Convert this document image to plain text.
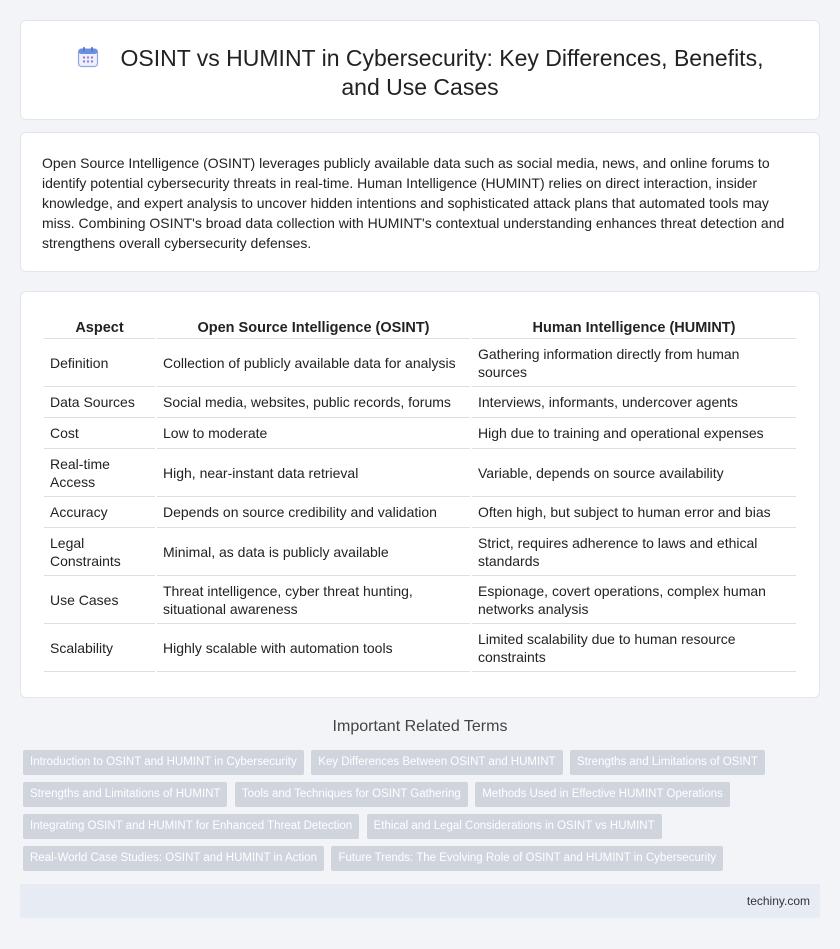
OSINT vs HUMINT in Cybersecurity: Key Differences, Benefits, and Use Cases

Open Source Intelligence (OSINT) leverages publicly available data such as social media, news, and online forums to identify potential cybersecurity threats in real-time. Human Intelligence (HUMINT) relies on direct interaction, insider knowledge, and expert analysis to uncover hidden intentions and sophisticated attack plans that automated tools may miss. Combining OSINT's broad data collection with HUMINT's contextual understanding enhances threat detection and strengthens overall cybersecurity defenses.

Aspect	Open Source Intelligence (OSINT)	Human Intelligence (HUMINT)
Definition	Collection of publicly available data for analysis	Gathering information directly from human sources
Data Sources	Social media, websites, public records, forums	Interviews, informants, undercover agents
Cost	Low to moderate	High due to training and operational expenses
Real-time Access	High, near-instant data retrieval	Variable, depends on source availability
Accuracy	Depends on source credibility and validation	Often high, but subject to human error and bias
Legal Constraints	Minimal, as data is publicly available	Strict, requires adherence to laws and ethical standards
Use Cases	Threat intelligence, cyber threat hunting, situational awareness	Espionage, covert operations, complex human networks analysis
Scalability	Highly scalable with automation tools	Limited scalability due to human resource constraints
Important Related Terms
Introduction to OSINT and HUMINT in Cybersecurity Key Differences Between OSINT and HUMINT Strengths and Limitations of OSINT Strengths and Limitations of HUMINT Tools and Techniques for OSINT Gathering Methods Used in Effective HUMINT Operations Integrating OSINT and HUMINT for Enhanced Threat Detection Ethical and Legal Considerations in OSINT vs HUMINT Real-World Case Studies: OSINT and HUMINT in Action Future Trends: The Evolving Role of OSINT and HUMINT in Cybersecurity
techiny.com
